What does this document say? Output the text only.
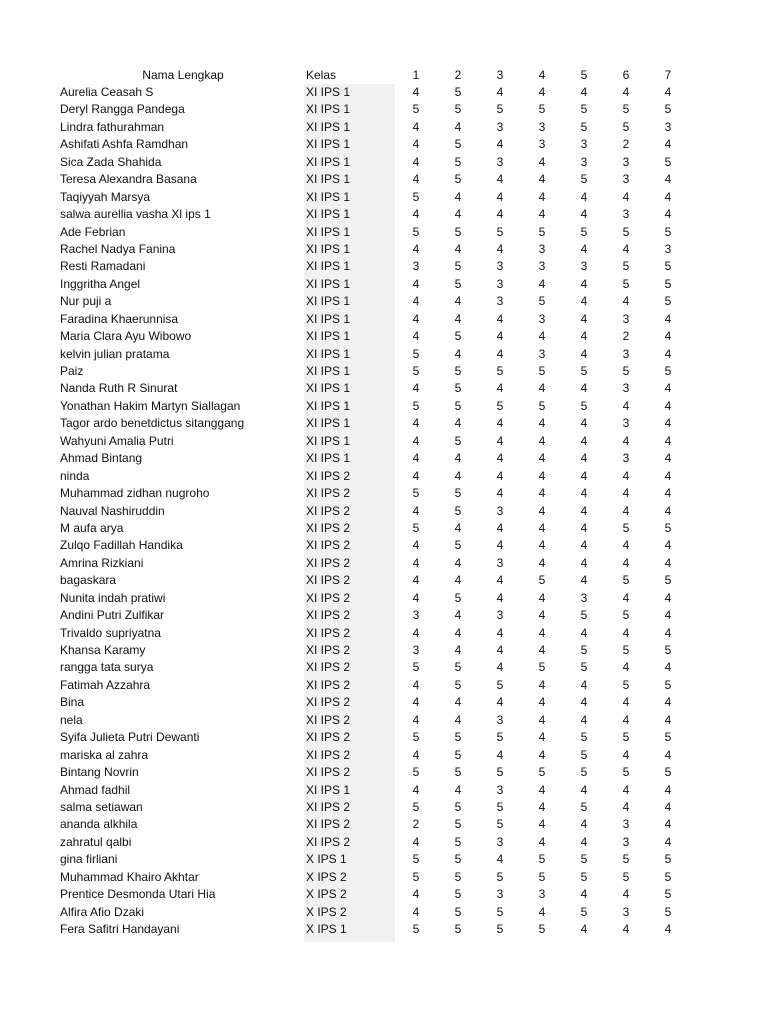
Nama Lengkap	Kelas	1	2	3	4	5	6	7
Aurelia Ceasah S	XI IPS 1	4	5	4	4	4	4	4
Deryl Rangga Pandega	XI IPS 1	5	5	5	5	5	5	5
Lindra fathurahman	XI IPS 1	4	4	3	3	5	5	3
Ashifati Ashfa Ramdhan	XI IPS 1	4	5	4	3	3	2	4
Sica Zada Shahida	XI IPS 1	4	5	3	4	3	3	5
Teresa Alexandra Basana	XI IPS 1	4	5	4	4	5	3	4
Taqiyyah Marsya	XI IPS 1	5	4	4	4	4	4	4
salwa aurellia vasha Xl ips 1	XI IPS 1	4	4	4	4	4	3	4
Ade Febrian	XI IPS 1	5	5	5	5	5	5	5
Rachel Nadya Fanina	XI IPS 1	4	4	4	3	4	4	3
Resti Ramadani	XI IPS 1	3	5	3	3	3	5	5
Inggritha Angel	XI IPS 1	4	5	3	4	4	5	5
Nur puji a	XI IPS 1	4	4	3	5	4	4	5
Faradina Khaerunnisa	XI IPS 1	4	4	4	3	4	3	4
Maria Clara Ayu Wibowo	XI IPS 1	4	5	4	4	4	2	4
kelvin julian pratama	XI IPS 1	5	4	4	3	4	3	4
Paiz	XI IPS 1	5	5	5	5	5	5	5
Nanda Ruth R Sinurat	XI IPS 1	4	5	4	4	4	3	4
Yonathan Hakim Martyn Siallagan	XI IPS 1	5	5	5	5	5	4	4
Tagor ardo benetdictus sitanggang	XI IPS 1	4	4	4	4	4	3	4
Wahyuni Amalia Putri	XI IPS 1	4	5	4	4	4	4	4
Ahmad Bintang	XI IPS 1	4	4	4	4	4	3	4
ninda	XI IPS 2	4	4	4	4	4	4	4
Muhammad zidhan nugroho	XI IPS 2	5	5	4	4	4	4	4
Nauval Nashiruddin	XI IPS 2	4	5	3	4	4	4	4
M aufa arya	XI IPS 2	5	4	4	4	4	5	5
Zulqo Fadillah Handika	XI IPS 2	4	5	4	4	4	4	4
Amrina Rizkiani	XI IPS 2	4	4	3	4	4	4	4
bagaskara	XI IPS 2	4	4	4	5	4	5	5
Nunita indah pratiwi	XI IPS 2	4	5	4	4	3	4	4
Andini Putri Zulfikar	XI IPS 2	3	4	3	4	5	5	4
Trivaldo supriyatna	XI IPS 2	4	4	4	4	4	4	4
Khansa Karamy	XI IPS 2	3	4	4	4	5	5	5
rangga tata surya	XI IPS 2	5	5	4	5	5	4	4
Fatimah Azzahra	XI IPS 2	4	5	5	4	4	5	5
Bina	XI IPS 2	4	4	4	4	4	4	4
nela	XI IPS 2	4	4	3	4	4	4	4
Syifa Julieta Putri Dewanti	XI IPS 2	5	5	5	4	5	5	5
mariska al zahra	XI IPS 2	4	5	4	4	5	4	4
Bintang Novrin	XI IPS 2	5	5	5	5	5	5	5
Ahmad fadhil	XI IPS 1	4	4	3	4	4	4	4
salma setiawan	XI IPS 2	5	5	5	4	5	4	4
ananda alkhila	XI IPS 2	2	5	5	4	4	3	4
zahratul qalbi	XI IPS 2	4	5	3	4	4	3	4
gina firliani	X IPS 1	5	5	4	5	5	5	5
Muhammad Khairo Akhtar	X IPS 2	5	5	5	5	5	5	5
Prentice Desmonda Utari Hia	X IPS 2	4	5	3	3	4	4	5
Alfira Afio Dzaki	X IPS 2	4	5	5	4	5	3	5
Fera Safitri Handayani	X IPS 1	5	5	5	5	4	4	4
